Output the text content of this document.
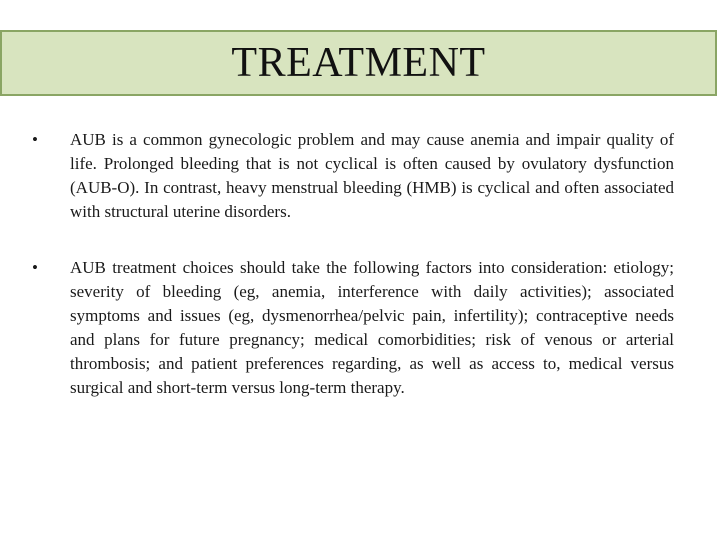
TREATMENT
• AUB is a common gynecologic problem and may cause anemia and impair quality of life. Prolonged bleeding that is not cyclical is often caused by ovulatory dysfunction (AUB-O). In contrast, heavy menstrual bleeding (HMB) is cyclical and often associated with structural uterine disorders.
• AUB treatment choices should take the following factors into consideration: etiology; severity of bleeding (eg, anemia, interference with daily activities); associated symptoms and issues (eg, dysmenorrhea/pelvic pain, infertility); contraceptive needs and plans for future pregnancy; medical comorbidities; risk of venous or arterial thrombosis; and patient preferences regarding, as well as access to, medical versus surgical and short-term versus long-term therapy.
